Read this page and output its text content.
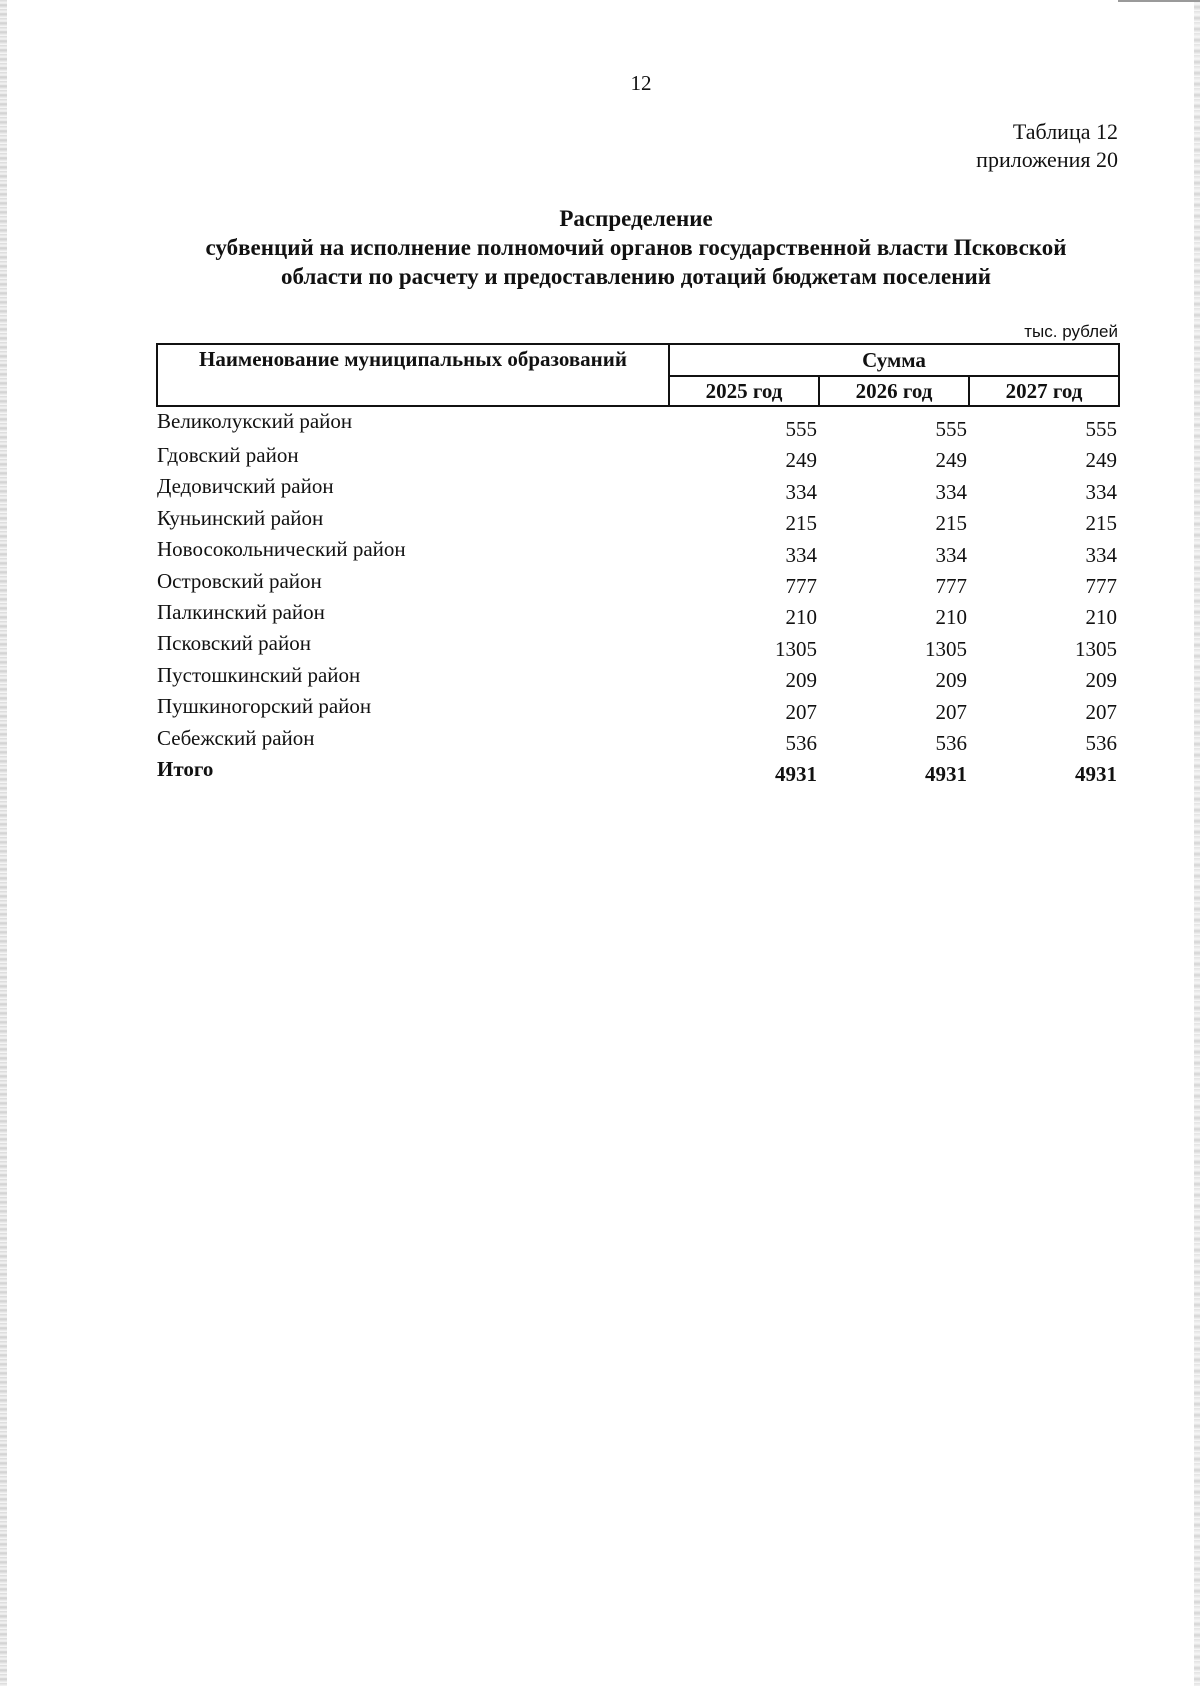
12
Таблица 12
приложения 20
Распределение
субвенций на исполнение полномочий органов государственной власти Псковской
области по расчету и предоставлению дотаций бюджетам поселений
тыс. рублей
Наименование муниципальных образований	Сумма		
	2025 год	2026 год	2027 год
Великолукский район	555	555	555
Гдовский район	249	249	249
Дедовичский район	334	334	334
Куньинский район	215	215	215
Новосокольнический район	334	334	334
Островский район	777	777	777
Палкинский район	210	210	210
Псковский район	1305	1305	1305
Пустошкинский район	209	209	209
Пушкиногорский район	207	207	207
Себежский район	536	536	536
Итого	4931	4931	4931
